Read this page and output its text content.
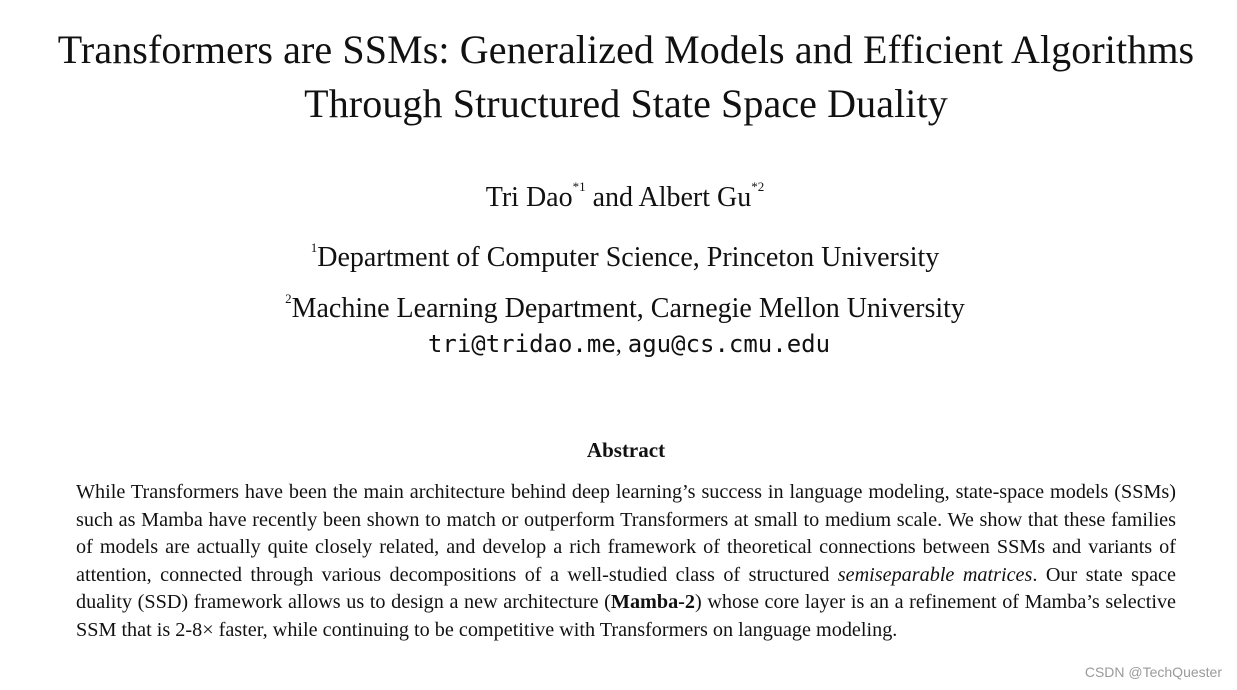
Transformers are SSMs: Generalized Models and Efficient Algorithms
Through Structured State Space Duality
Tri Dao$^{*1}$ and Albert Gu$^{*2}$
$^1$Department of Computer Science, Princeton University
$^2$Machine Learning Department, Carnegie Mellon University
tri@tridao.me, agu@cs.cmu.edu
Abstract

While Transformers have been the main architecture behind deep learning’s success in language modeling, state-space models (SSMs) such as Mamba have recently been shown to match or outperform Transformers at small to medium scale. We show that these families of models are actually quite closely related, and develop a rich framework of theoretical connections between SSMs and variants of attention, connected through various decompositions of a well-studied class of structured semiseparable matrices. Our state space duality (SSD) framework allows us to design a new architecture (Mamba-2) whose core layer is an a refinement of Mamba’s selective SSM that is 2-8× faster, while continuing to be competitive with Transformers on language modeling.

CSDN @TechQuester
